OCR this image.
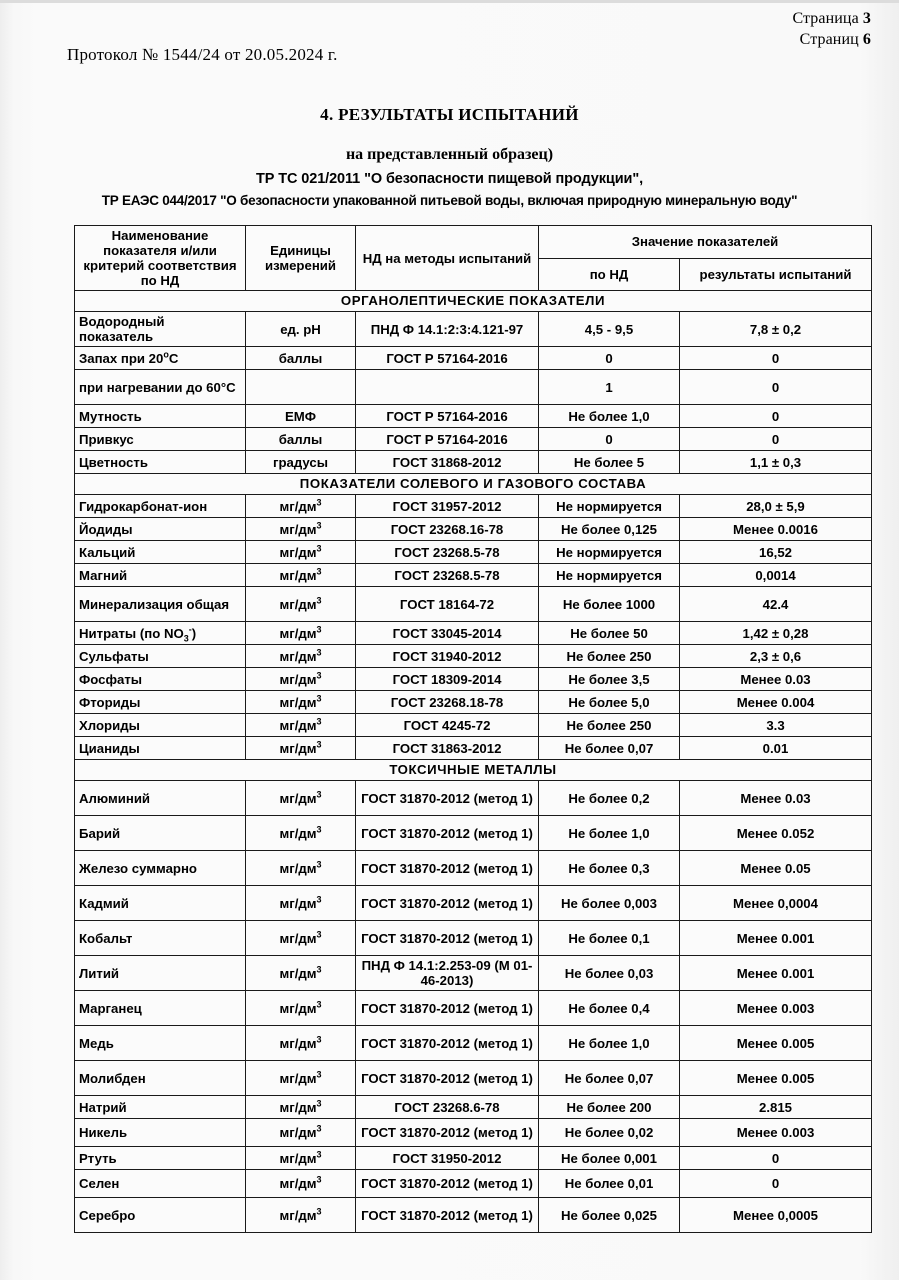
Страница 3
Страниц 6
Протокол № 1544/24 от 20.05.2024 г.
4. РЕЗУЛЬТАТЫ ИСПЫТАНИЙ
на представленный образец)
ТР ТС 021/2011 "О безопасности пищевой продукции",
ТР ЕАЭС 044/2017 "О безопасности упакованной питьевой воды, включая природную минеральную воду"
Наименование показателя и/или критерий соответствия по НД	Единицы измерений	НД на методы испытаний	Значение показателей	
			по НД	результаты испытаний
ОРГАНОЛЕПТИЧЕСКИЕ ПОКАЗАТЕЛИ				
Водородный показатель	ед. pH	ПНД Ф 14.1:2:3:4.121-97	4,5 - 9,5	7,8 ± 0,2
Запах при $20^оC$	баллы	ГОСТ Р 57164-2016	0	0
при нагревании до 60°C			1	0
Мутность	ЕМФ	ГОСТ Р 57164-2016	Не более 1,0	0
Привкус	баллы	ГОСТ Р 57164-2016	0	0
Цветность	градусы	ГОСТ 31868-2012	Не более 5	1,1 ± 0,3
ПОКАЗАТЕЛИ СОЛЕВОГО И ГАЗОВОГО СОСТАВА				
Гидрокарбонат-ион	$мг/дм^3$	ГОСТ 31957-2012	Не нормируется	28,0 ± 5,9
Йодиды	$мг/дм^3$	ГОСТ 23268.16-78	Не более 0,125	Менее 0.0016
Кальций	$мг/дм^3$	ГОСТ 23268.5-78	Не нормируется	16,52
Магний	$мг/дм^3$	ГОСТ 23268.5-78	Не нормируется	0,0014
Минерализация общая	$мг/дм^3$	ГОСТ 18164-72	Не более 1000	42.4
Нитраты (по $NO_3^-$)	$мг/дм^3$	ГОСТ 33045-2014	Не более 50	1,42 ± 0,28
Сульфаты	$мг/дм^3$	ГОСТ 31940-2012	Не более 250	2,3 ± 0,6
Фосфаты	$мг/дм^3$	ГОСТ 18309-2014	Не более 3,5	Менее 0.03
Фториды	$мг/дм^3$	ГОСТ 23268.18-78	Не более 5,0	Менее 0.004
Хлориды	$мг/дм^3$	ГОСТ 4245-72	Не более 250	3.3
Цианиды	$мг/дм^3$	ГОСТ 31863-2012	Не более 0,07	0.01
ТОКСИЧНЫЕ МЕТАЛЛЫ				
Алюминий	$мг/дм^3$	ГОСТ 31870-2012 (метод 1)	Не более 0,2	Менее 0.03
Барий	$мг/дм^3$	ГОСТ 31870-2012 (метод 1)	Не более 1,0	Менее 0.052
Железо суммарно	$мг/дм^3$	ГОСТ 31870-2012 (метод 1)	Не более 0,3	Менее 0.05
Кадмий	$мг/дм^3$	ГОСТ 31870-2012 (метод 1)	Не более 0,003	Менее 0,0004
Кобальт	$мг/дм^3$	ГОСТ 31870-2012 (метод 1)	Не более 0,1	Менее 0.001
Литий	$мг/дм^3$	ПНД Ф 14.1:2.253-09 (М 01-46-2013)	Не более 0,03	Менее 0.001
Марганец	$мг/дм^3$	ГОСТ 31870-2012 (метод 1)	Не более 0,4	Менее 0.003
Медь	$мг/дм^3$	ГОСТ 31870-2012 (метод 1)	Не более 1,0	Менее 0.005
Молибден	$мг/дм^3$	ГОСТ 31870-2012 (метод 1)	Не более 0,07	Менее 0.005
Натрий	$мг/дм^3$	ГОСТ 23268.6-78	Не более 200	2.815
Никель	$мг/дм^3$	ГОСТ 31870-2012 (метод 1)	Не более 0,02	Менее 0.003
Ртуть	$мг/дм^3$	ГОСТ 31950-2012	Не более 0,001	0
Селен	$мг/дм^3$	ГОСТ 31870-2012 (метод 1)	Не более 0,01	0
Серебро	$мг/дм^3$	ГОСТ 31870-2012 (метод 1)	Не более 0,025	Менее 0,0005
